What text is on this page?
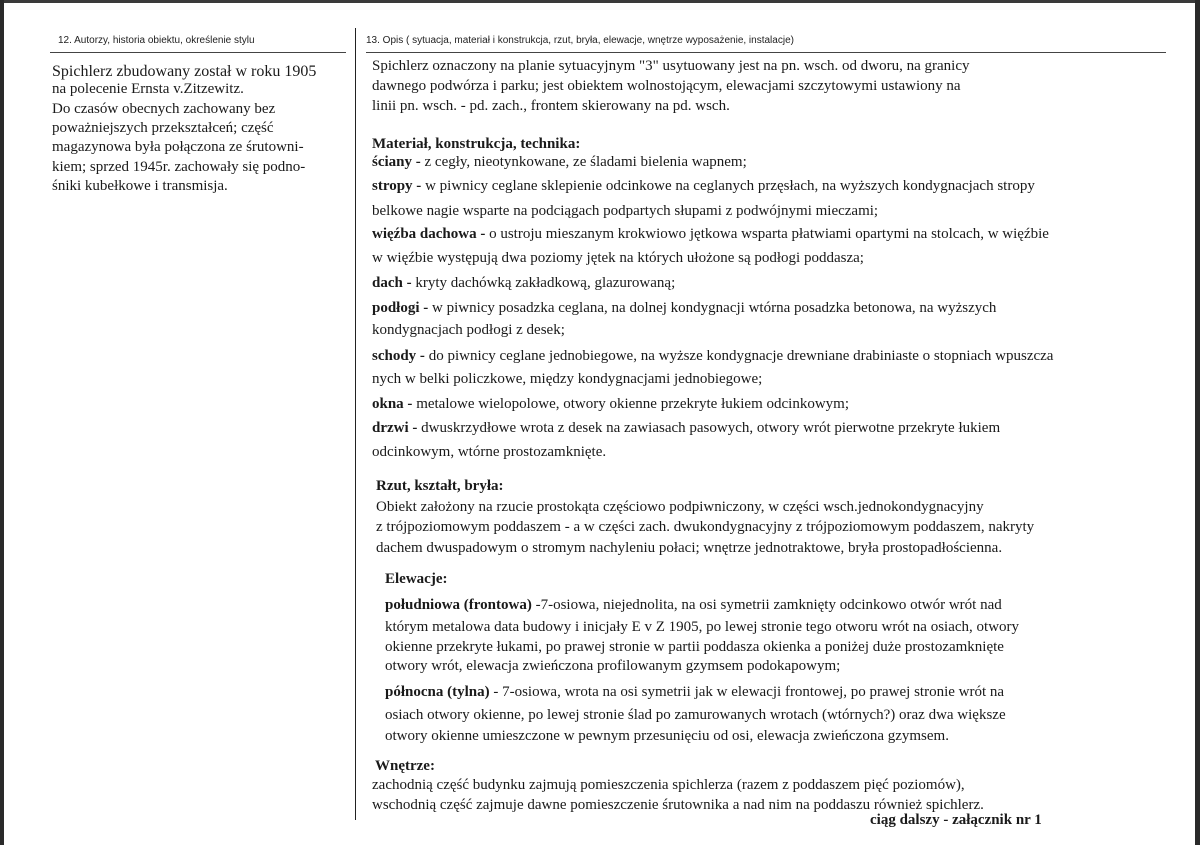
12. Autorzy, historia obiektu, określenie stylu
Spichlerz zbudowany został w roku 1905
na polecenie Ernsta v.Zitzewitz.
Do czasów obecnych zachowany bez
poważniejszych przekształceń; część
magazynowa była połączona ze śrutowni-
kiem; sprzed 1945r. zachowały się podno-
śniki kubełkowe i transmisja.
13. Opis ( sytuacja, materiał i konstrukcja, rzut, bryła, elewacje, wnętrze wyposażenie, instalacje)
Spichlerz oznaczony na planie sytuacyjnym "3" usytuowany jest na pn. wsch. od dworu, na granicy
dawnego podwórza i parku; jest obiektem wolnostojącym, elewacjami szczytowymi ustawiony na
linii pn. wsch. - pd. zach., frontem skierowany na pd. wsch.
Materiał, konstrukcja, technika:
ściany - z cegły, nieotynkowane, ze śladami bielenia wapnem;
stropy - w piwnicy ceglane sklepienie odcinkowe na ceglanych przęsłach, na wyższych kondygnacjach stropy
belkowe nagie wsparte na podciągach podpartych słupami z podwójnymi mieczami;
więźba dachowa - o ustroju mieszanym krokwiowo jętkowa wsparta płatwiami opartymi na stolcach, w więźbie
w więźbie występują dwa poziomy jętek na których ułożone są podłogi poddasza;
dach - kryty dachówką zakładkową, glazurowaną;
podłogi - w piwnicy posadzka ceglana, na dolnej kondygnacji wtórna posadzka betonowa, na wyższych
kondygnacjach podłogi z desek;
schody - do piwnicy ceglane jednobiegowe, na wyższe kondygnacje drewniane drabiniaste o stopniach wpuszcza
nych w belki policzkowe, między kondygnacjami jednobiegowe;
okna - metalowe wielopolowe, otwory okienne przekryte łukiem odcinkowym;
drzwi - dwuskrzydłowe wrota z desek na zawiasach pasowych, otwory wrót pierwotne przekryte łukiem
odcinkowym, wtórne prostozamknięte.
Rzut, kształt, bryła:
Obiekt założony na rzucie prostokąta częściowo podpiwniczony, w części wsch.jednokondygnacyjny
z trójpoziomowym poddaszem - a w części zach. dwukondygnacyjny z trójpoziomowym poddaszem, nakryty
dachem dwuspadowym o stromym nachyleniu połaci; wnętrze jednotraktowe, bryła prostopadłościenna.
Elewacje:
południowa (frontowa) -7-osiowa, niejednolita, na osi symetrii zamknięty odcinkowo otwór wrót nad
którym metalowa data budowy i inicjały E v Z 1905, po lewej stronie tego otworu wrót na osiach, otwory
okienne przekryte łukami, po prawej stronie w partii poddasza okienka a poniżej duże prostozamknięte
otwory wrót, elewacja zwieńczona profilowanym gzymsem podokapowym;
północna (tylna) - 7-osiowa, wrota na osi symetrii jak w elewacji frontowej, po prawej stronie wrót na
osiach otwory okienne, po lewej stronie ślad po zamurowanych wrotach (wtórnych?) oraz dwa większe
otwory okienne umieszczone w pewnym przesunięciu od osi, elewacja zwieńczona gzymsem.
Wnętrze:
zachodnią część budynku zajmują pomieszczenia spichlerza (razem z poddaszem pięć poziomów),
wschodnią część zajmuje dawne pomieszczenie śrutownika a nad nim na poddaszu również spichlerz.
ciąg dalszy - załącznik nr 1
